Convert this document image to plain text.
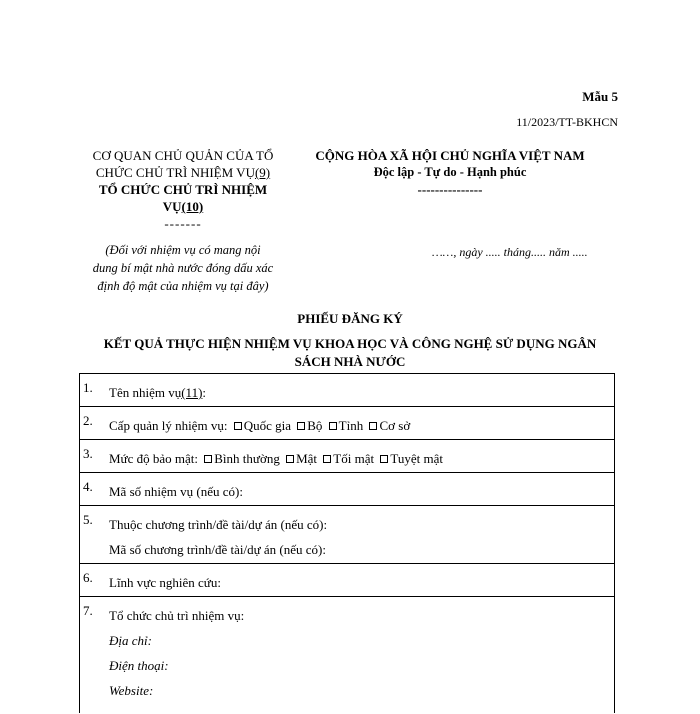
Mẫu 5
11/2023/TT-BKHCN
CƠ QUAN CHỦ QUẢN CỦA TỔ
CHỨC CHỦ TRÌ NHIỆM VỤ(9)
TỔ CHỨC CHỦ TRÌ NHIỆM
VỤ(10)
-------
(Đối với nhiệm vụ có mang nội
dung bí mật nhà nước đóng dấu xác
định độ mật của nhiệm vụ tại đây)
CỘNG HÒA XÃ HỘI CHỦ NGHĨA VIỆT NAM
Độc lập - Tự do - Hạnh phúc
---------------
……, ngày ..... tháng..... năm .....
PHIẾU ĐĂNG KÝ
KẾT QUẢ THỰC HIỆN NHIỆM VỤ KHOA HỌC VÀ CÔNG NGHỆ SỬ DỤNG NGÂN
SÁCH NHÀ NƯỚC
1. Tên nhiệm vụ(11):
2. Cấp quản lý nhiệm vụ: Quốc gia Bộ Tỉnh Cơ sở
3. Mức độ bảo mật: Bình thường Mật Tối mật Tuyệt mật
4. Mã số nhiệm vụ (nếu có):
5. Thuộc chương trình/đề tài/dự án (nếu có):
Mã số chương trình/đề tài/dự án (nếu có):
6. Lĩnh vực nghiên cứu:
7. Tổ chức chủ trì nhiệm vụ:
Địa chỉ:
Điện thoại:
Website:
